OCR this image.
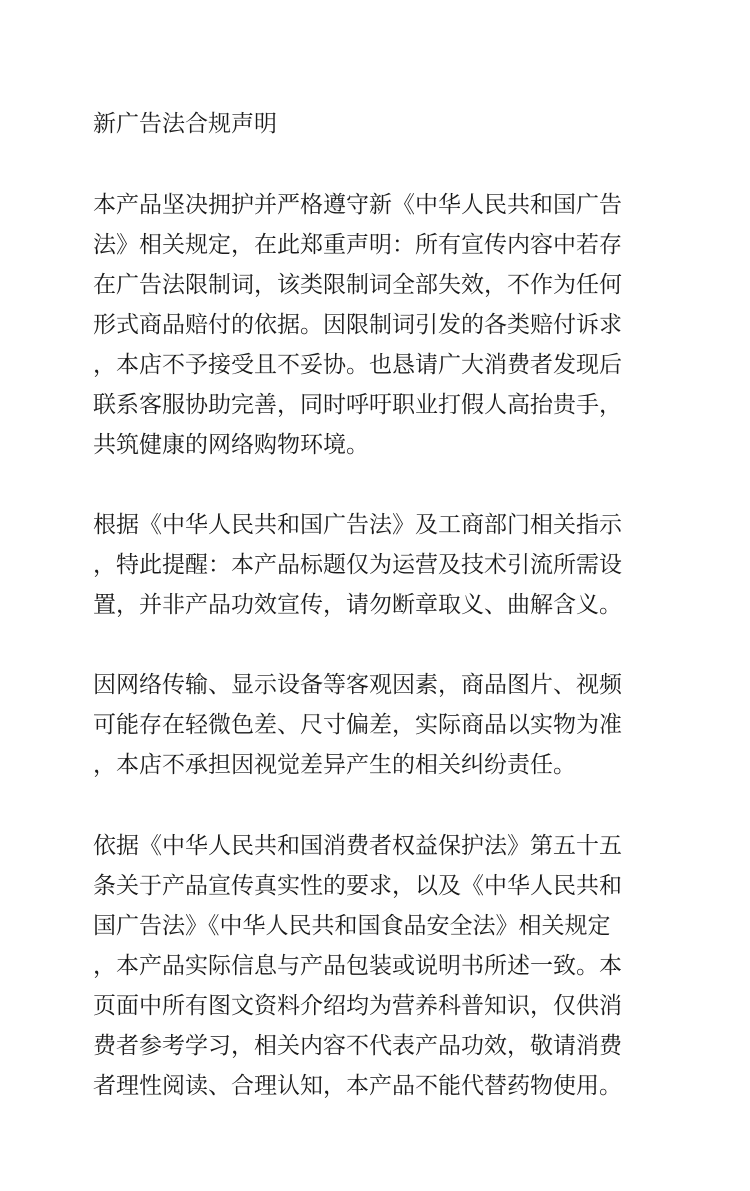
新广告法合规声明
本产品坚决拥护并严格遵守新《中华人民共和国广告
法》相关规定，在此郑重声明：所有宣传内容中若存
在广告法限制词，该类限制词全部失效，不作为任何
形式商品赔付的依据。因限制词引发的各类赔付诉求
，本店不予接受且不妥协。也恳请广大消费者发现后
联系客服协助完善，同时呼吁职业打假人高抬贵手，
共筑健康的网络购物环境。
根据《中华人民共和国广告法》及工商部门相关指示
，特此提醒：本产品标题仅为运营及技术引流所需设
置，并非产品功效宣传，请勿断章取义、曲解含义。
因网络传输、显示设备等客观因素，商品图片、视频
可能存在轻微色差、尺寸偏差，实际商品以实物为准
，本店不承担因视觉差异产生的相关纠纷责任。
依据《中华人民共和国消费者权益保护法》第五十五
条关于产品宣传真实性的要求，以及《中华人民共和
国广告法》《中华人民共和国食品安全法》相关规定
，本产品实际信息与产品包装或说明书所述一致。本
页面中所有图文资料介绍均为营养科普知识，仅供消
费者参考学习，相关内容不代表产品功效，敬请消费
者理性阅读、合理认知，本产品不能代替药物使用。
